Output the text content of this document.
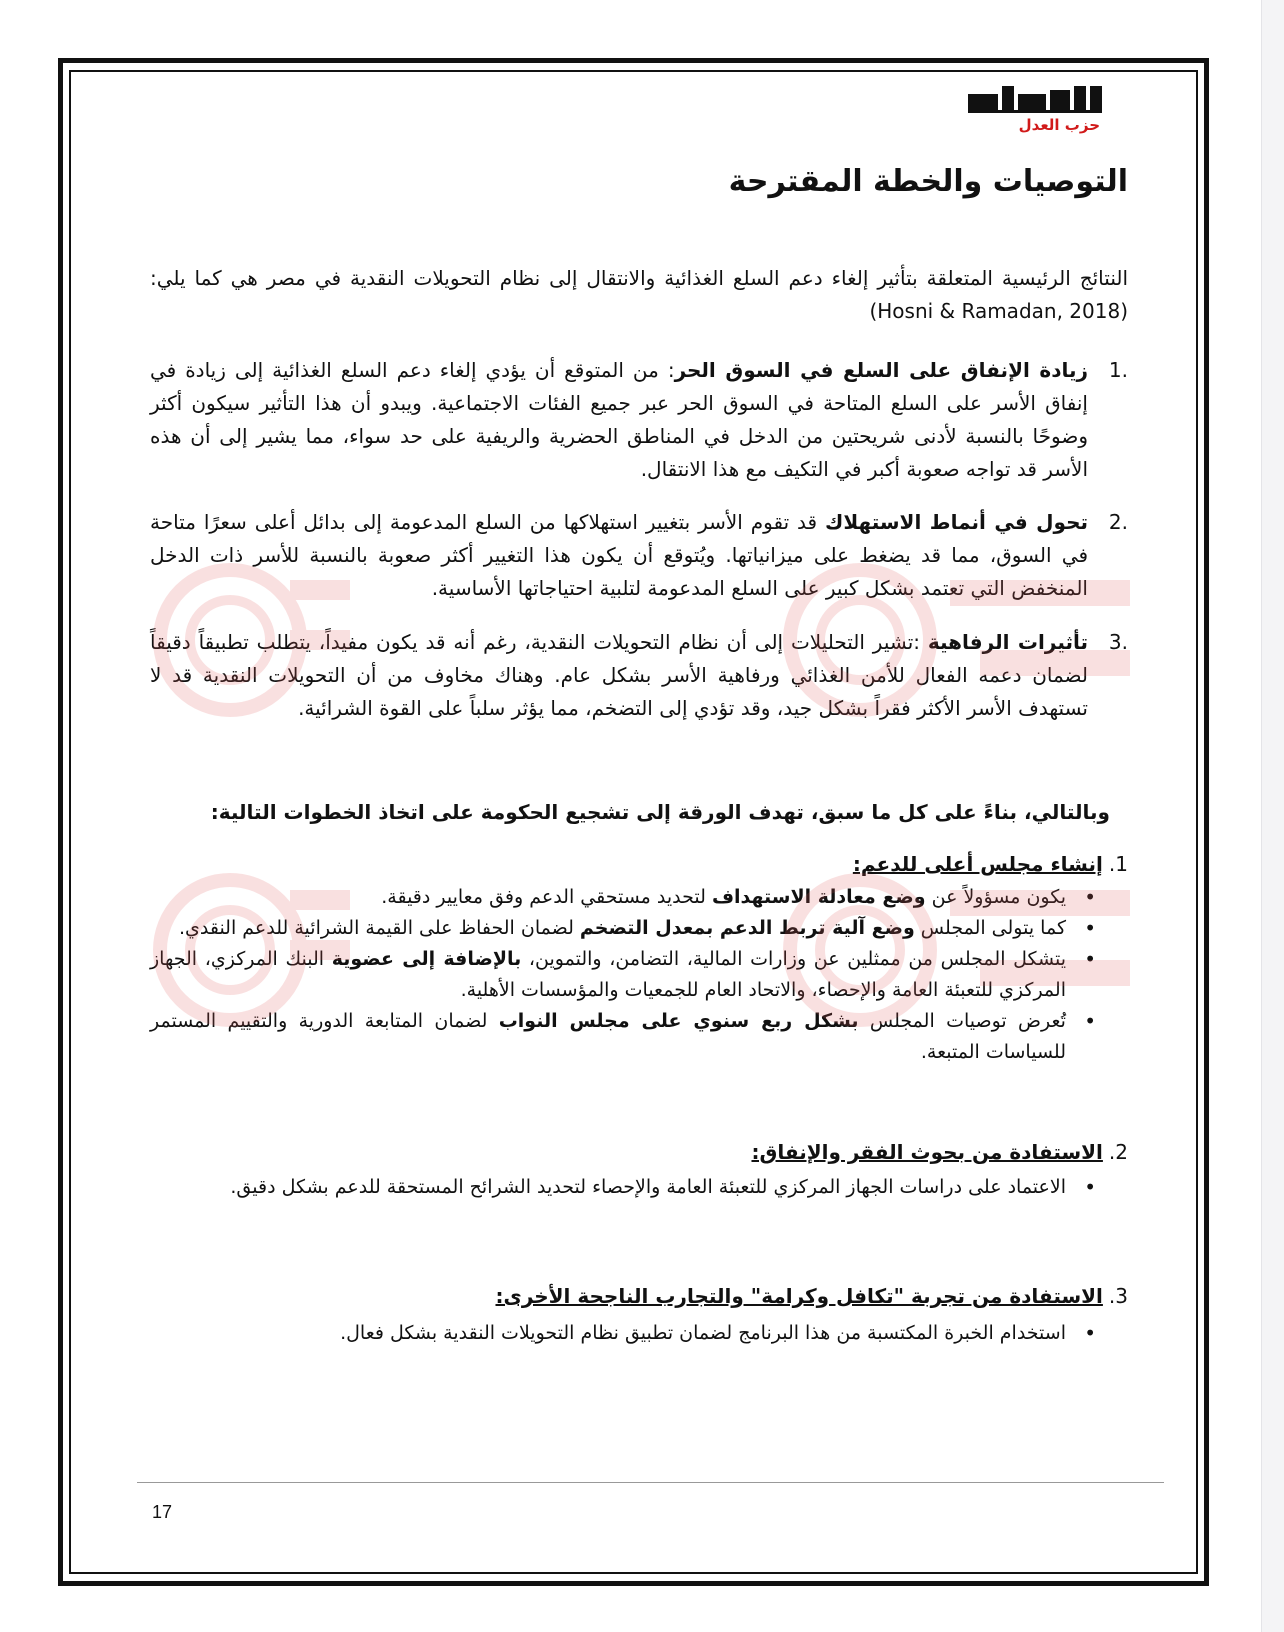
حزب العدل
التوصيات والخطة المقترحة

النتائج الرئيسية المتعلقة بتأثير إلغاء دعم السلع الغذائية والانتقال إلى نظام التحويلات النقدية في مصر هي كما يلي:(Hosni & Ramadan, 2018)

1.
زيادة الإنفاق على السلع في السوق الحر: من المتوقع أن يؤدي إلغاء دعم السلع الغذائية إلى زيادة في إنفاق الأسر على السلع المتاحة في السوق الحر عبر جميع الفئات الاجتماعية. ويبدو أن هذا التأثير سيكون أكثر وضوحًا بالنسبة لأدنى شريحتين من الدخل في المناطق الحضرية والريفية على حد سواء، مما يشير إلى أن هذه الأسر قد تواجه صعوبة أكبر في التكيف مع هذا الانتقال.

2.
تحول في أنماط الاستهلاك قد تقوم الأسر بتغيير استهلاكها من السلع المدعومة إلى بدائل أعلى سعرًا متاحة في السوق، مما قد يضغط على ميزانياتها. ويُتوقع أن يكون هذا التغيير أكثر صعوبة بالنسبة للأسر ذات الدخل المنخفض التي تعتمد بشكل كبير على السلع المدعومة لتلبية احتياجاتها الأساسية.

3.
تأثيرات الرفاهية :تشير التحليلات إلى أن نظام التحويلات النقدية، رغم أنه قد يكون مفيداً، يتطلب تطبيقاً دقيقاً لضمان دعمه الفعال للأمن الغذائي ورفاهية الأسر بشكل عام. وهناك مخاوف من أن التحويلات النقدية قد لا تستهدف الأسر الأكثر فقراً بشكل جيد، وقد تؤدي إلى التضخم، مما يؤثر سلباً على القوة الشرائية.

وبالتالي، بناءً على كل ما سبق، تهدف الورقة إلى تشجيع الحكومة على اتخاذ الخطوات التالية:
1.إنشاء مجلس أعلى للدعم:
• يكون مسؤولاً عن وضع معادلة الاستهداف لتحديد مستحقي الدعم وفق معايير دقيقة.
• كما يتولى المجلس وضع آلية تربط الدعم بمعدل التضخم لضمان الحفاظ على القيمة الشرائية للدعم النقدي.
• يتشكل المجلس من ممثلين عن وزارات المالية، التضامن، والتموين، بالإضافة إلى عضوية البنك المركزي، الجهاز المركزي للتعبئة العامة والإحصاء، والاتحاد العام للجمعيات والمؤسسات الأهلية.
• تُعرض توصيات المجلس بشكل ربع سنوي على مجلس النواب لضمان المتابعة الدورية والتقييم المستمر للسياسات المتبعة.
2.الاستفادة من بحوث الفقر والإنفاق:
• الاعتماد على دراسات الجهاز المركزي للتعبئة العامة والإحصاء لتحديد الشرائح المستحقة للدعم بشكل دقيق.
3.الاستفادة من تجربة "تكافل وكرامة" والتجارب الناجحة الأخرى:
• استخدام الخبرة المكتسبة من هذا البرنامج لضمان تطبيق نظام التحويلات النقدية بشكل فعال.
17
